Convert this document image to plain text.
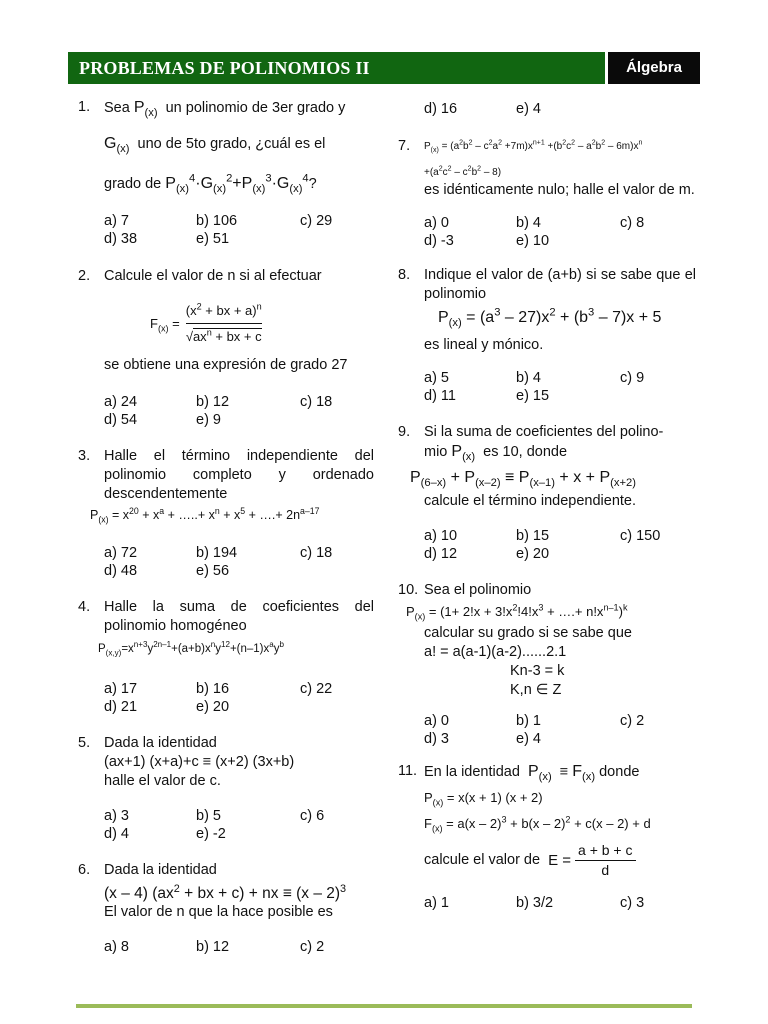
PROBLEMAS DE POLINOMIOS II	Álgebra
1. Sea $P_{(x)}$  un polinomio de 3er grado y
$G_{(x)}$  uno de 5to grado, ¿cuál es el
grado de $P_{(x)}^4\cdot G_{(x)}^2+P_{(x)}^3\cdot G_{(x)}^4$?
a) 7	b) 106	c) 29
d) 38	e) 51
2. Calcule el valor de n si al efectuar
$F_{(x)}$ =
($x^2$ + bx + a)$^n$
$√ax^n$ + bx + c
se obtiene una expresión de grado 27
a) 24	b) 12	c) 18
d) 54	e) 9
3. Halle el término independiente del polinomio completo y ordenado descendentemente
$P_{(x)} = x^{20} + x^a$ + …..+ $x^n + x^5$ + ….+ $2n^{a-17}$
a) 72	b) 194	c) 18
d) 48	e) 56
4. Halle la suma de coeficientes del polinomio homogéneo
$P_{(x,y)}=x^{n+3}y^{2n-1}+(a+b)x^ny^{12}+(n-1)x^ay^b$
a) 17	b) 16	c) 22
d) 21	e) 20
5. Dada la identidad
(ax+1) (x+a)+c ≡ (x+2) (3x+b)
halle el valor de c.
a) 3	b) 5	c) 6
d) 4	e) -2
6. Dada la identidad
(x – 4) ($ax^2$ + bx + c) + nx ≡ (x – 2)$^3$
El valor de n que la hace posible es
a) 8	b) 12	c) 2
d) 16	e) 4
7.	$P_{(x)} = (a^2b^2 - c^2a^2 +7m)x^{n+1} +(b^2c^2 - a^2b^2 - 6m)x^n$
$+(a^2c^2 - c^2b^2 - 8)$
es idénticamente nulo; halle el valor de m.
a) 0	b) 4	c) 8
d) -3	e) 10
8. Indique el valor de (a+b) si se sabe que el polinomio
$P_{(x)} = (a^3 - 27)x^2 + (b^3 - 7)x + 5$
es lineal y mónico.
a) 5	b) 4	c) 9
d) 11	e) 15
9. Si la suma de coeficientes del polino-
mio $P_{(x)}$  es 10, donde
$P_{(6-x)} + P_{(x-2)} \equiv P_{(x-1)} + x + P_{(x+2)}$
calcule el término independiente.
a) 10	b) 15	c) 150
d) 12	e) 20
10. Sea el polinomio
$P_{(x)} = (1+ 2!x + 3!x^2!4!x^3$ + ….+ $n!x^{n-1})^k$
calcular su grado si se sabe que
a! = a(a-1)(a-2)......2.1
Kn-3 = k
K,n ∈ Z
a) 0	b) 1	c) 2
d) 3	e) 4
11. En la identidad  $P_{(x)} \equiv F_{(x)}$ donde
$P_{(x)} = x(x + 1) (x + 2)$
$F_{(x)} = a(x - 2)^3 + b(x - 2)^2 + c(x - 2) + d$
calcule el valor de $E = \frac{a + b + c}{d}$
a) 1	b) 3/2	c) 3
